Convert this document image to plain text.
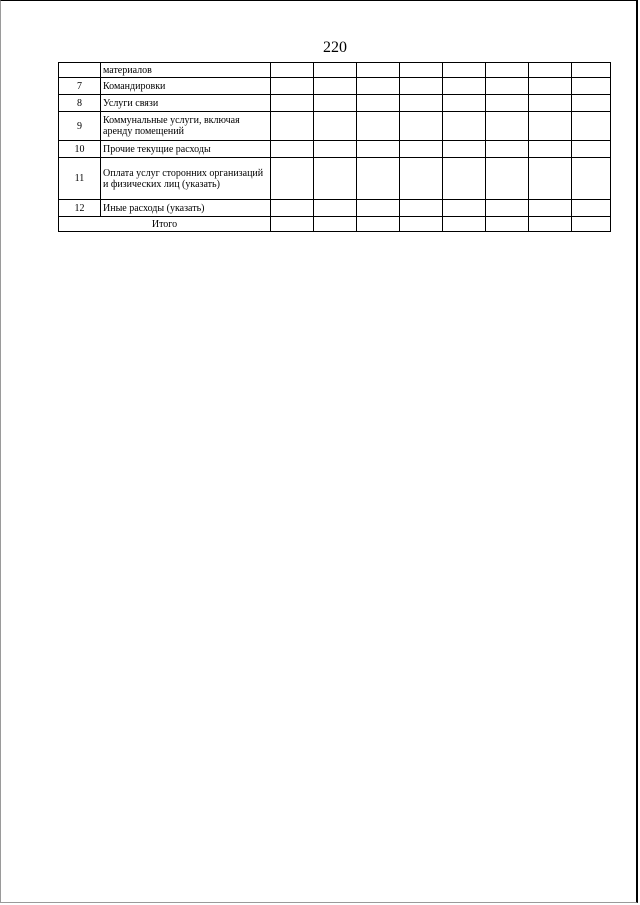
220
	материалов								
7	Командировки								
8	Услуги связи								
9	Коммунальные услуги, включая аренду помещений								
10	Прочие текущие расходы								
11	Оплата услуг сторонних организаций и физических лиц (указать)								
12	Иные расходы (указать)								
Итого									
